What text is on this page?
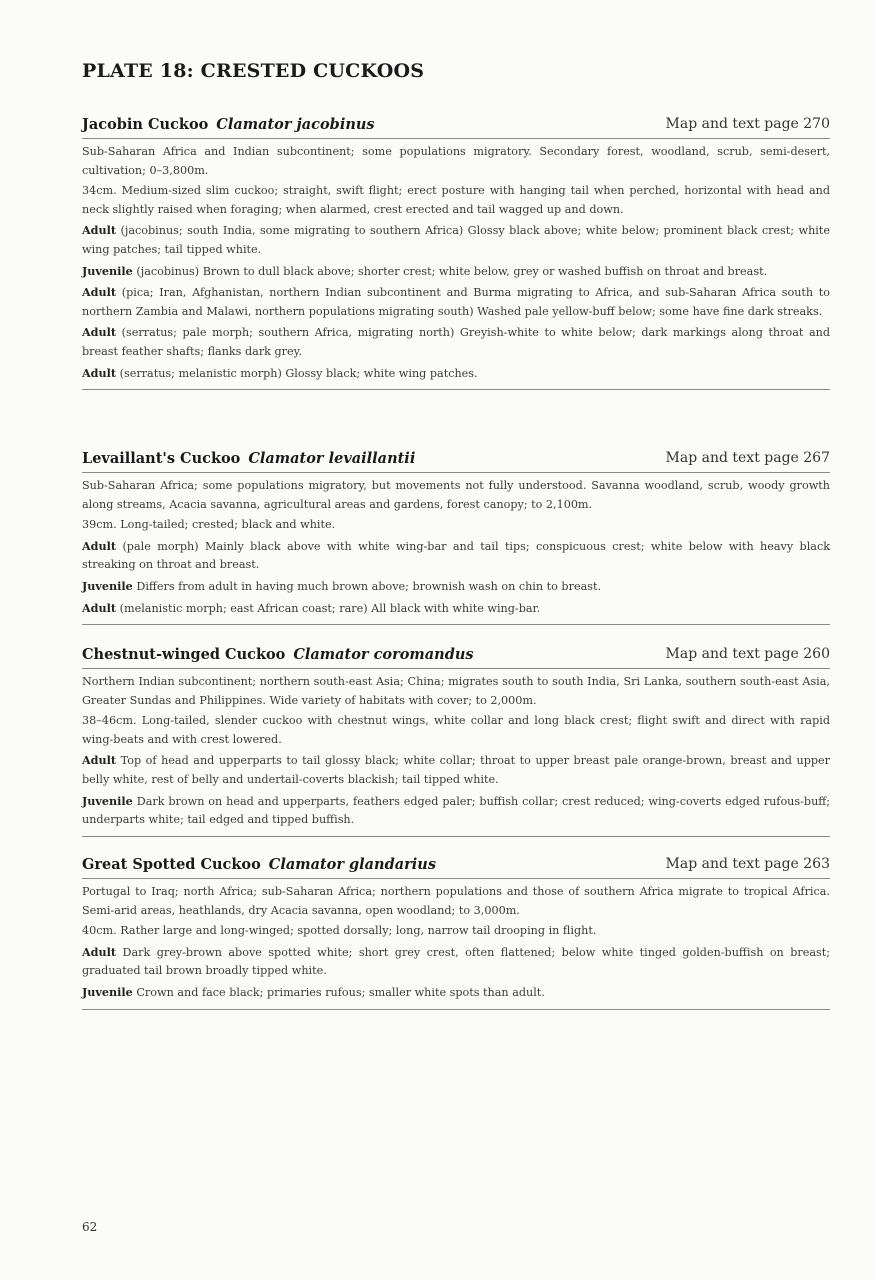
PLATE 18: CRESTED CUCKOOS
Jacobin Cuckoo Clamator jacobinus	Map and text page 270
Sub-Saharan Africa and Indian subcontinent; some populations migratory. Secondary forest, woodland, scrub, semi-desert, cultivation; 0–3,800m.
34cm. Medium-sized slim cuckoo; straight, swift flight; erect posture with hanging tail when perched, horizontal with head and neck slightly raised when foraging; when alarmed, crest erected and tail wagged up and down.
Adult (jacobinus; south India, some migrating to southern Africa) Glossy black above; white below; prominent black crest; white wing patches; tail tipped white.
Juvenile (jacobinus) Brown to dull black above; shorter crest; white below, grey or washed buffish on throat and breast.
Adult (pica; Iran, Afghanistan, northern Indian subcontinent and Burma migrating to Africa, and sub-Saharan Africa south to northern Zambia and Malawi, northern populations migrating south) Washed pale yellow-buff below; some have fine dark streaks.
Adult (serratus; pale morph; southern Africa, migrating north) Greyish-white to white below; dark markings along throat and breast feather shafts; flanks dark grey.
Adult (serratus; melanistic morph) Glossy black; white wing patches.
Levaillant's Cuckoo Clamator levaillantii	Map and text page 267
Sub-Saharan Africa; some populations migratory, but movements not fully understood. Savanna woodland, scrub, woody growth along streams, Acacia savanna, agricultural areas and gardens, forest canopy; to 2,100m.
39cm. Long-tailed; crested; black and white.
Adult (pale morph) Mainly black above with white wing-bar and tail tips; conspicuous crest; white below with heavy black streaking on throat and breast.
Juvenile Differs from adult in having much brown above; brownish wash on chin to breast.
Adult (melanistic morph; east African coast; rare) All black with white wing-bar.
Chestnut-winged Cuckoo Clamator coromandus	Map and text page 260
Northern Indian subcontinent; northern south-east Asia; China; migrates south to south India, Sri Lanka, southern south-east Asia, Greater Sundas and Philippines. Wide variety of habitats with cover; to 2,000m.
38–46cm. Long-tailed, slender cuckoo with chestnut wings, white collar and long black crest; flight swift and direct with rapid wing-beats and with crest lowered.
Adult Top of head and upperparts to tail glossy black; white collar; throat to upper breast pale orange-brown, breast and upper belly white, rest of belly and undertail-coverts blackish; tail tipped white.
Juvenile Dark brown on head and upperparts, feathers edged paler; buffish collar; crest reduced; wing-coverts edged rufous-buff; underparts white; tail edged and tipped buffish.
Great Spotted Cuckoo Clamator glandarius	Map and text page 263
Portugal to Iraq; north Africa; sub-Saharan Africa; northern populations and those of southern Africa migrate to tropical Africa. Semi-arid areas, heathlands, dry Acacia savanna, open woodland; to 3,000m.
40cm. Rather large and long-winged; spotted dorsally; long, narrow tail drooping in flight.
Adult Dark grey-brown above spotted white; short grey crest, often flattened; below white tinged golden-buffish on breast; graduated tail brown broadly tipped white.
Juvenile Crown and face black; primaries rufous; smaller white spots than adult.
62
